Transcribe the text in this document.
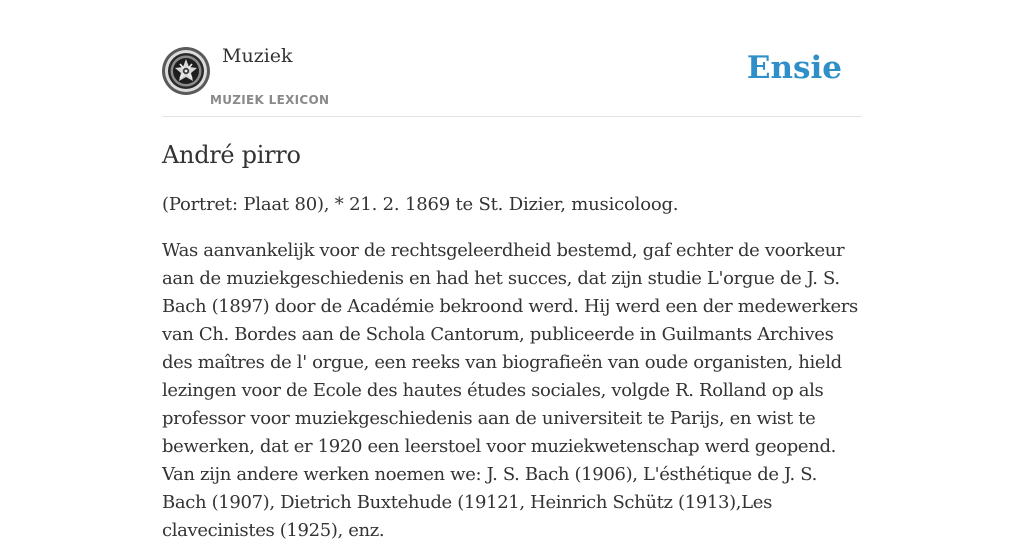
Muziek
MUZIEK LEXICON
Ensie
André pirro

(Portret: Plaat 80), * 21. 2. 1869 te St. Dizier, musicoloog.

Was aanvankelijk voor de rechtsgeleerdheid bestemd, gaf echter de voorkeur aan de muziekgeschiedenis en had het succes, dat zijn studie L'orgue de J. S. Bach (1897) door de Académie bekroond werd. Hij werd een der medewerkers van Ch. Bordes aan de Schola Cantorum, publiceerde in Guilmants Archives des maîtres de l' orgue, een reeks van biografieën van oude organisten, hield lezingen voor de Ecole des hautes études sociales, volgde R. Rolland op als professor voor muziekgeschiedenis aan de universiteit te Parijs, en wist te bewerken, dat er 1920 een leerstoel voor muziekwetenschap werd geopend. Van zijn andere werken noemen we: J. S. Bach (1906), L'ésthétique de J. S. Bach (1907), Dietrich Buxtehude (19121, Heinrich Schütz (1913),Les clavecinistes (1925), enz.
